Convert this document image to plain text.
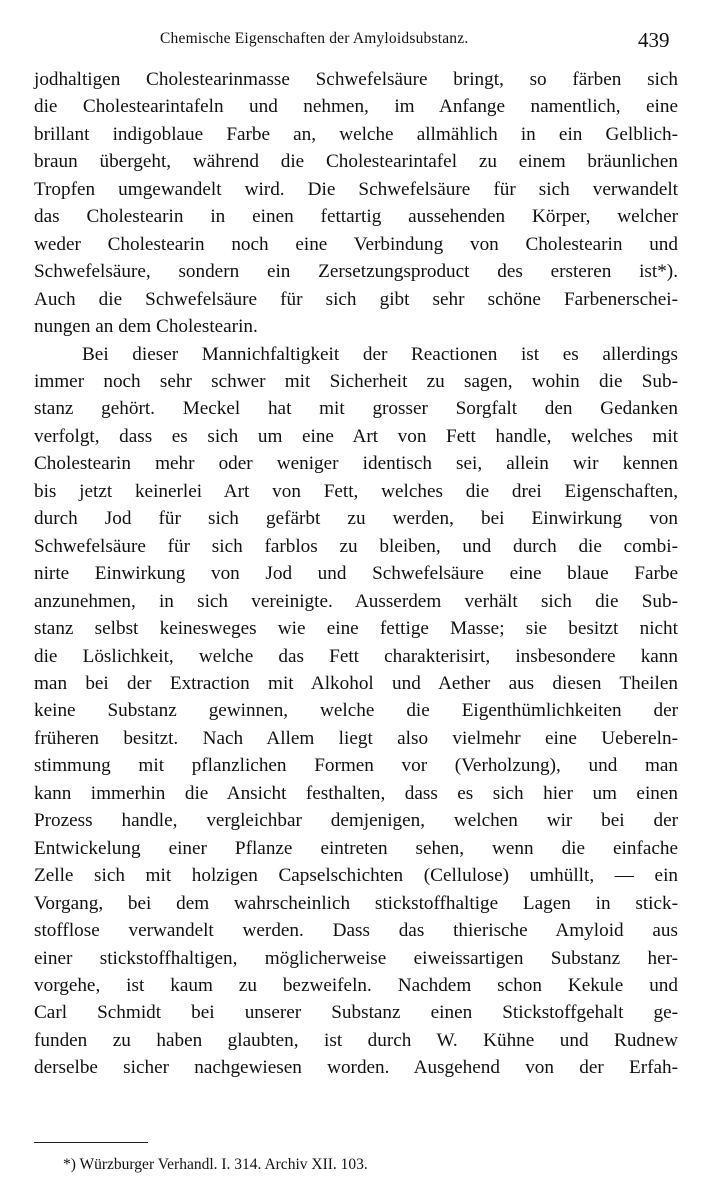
Chemische Eigenschaften der Amyloidsubstanz.	439
jodhaltigen Cholestearinmasse Schwefelsäure bringt, so färben sich
die Cholestearintafeln und nehmen, im Anfange namentlich, eine
brillant indigoblaue Farbe an, welche allmählich in ein Gelblich-
braun übergeht, während die Cholestearintafel zu einem bräunlichen
Tropfen umgewandelt wird. Die Schwefelsäure für sich verwandelt
das Cholestearin in einen fettartig aussehenden Körper, welcher
weder Cholestearin noch eine Verbindung von Cholestearin und
Schwefelsäure, sondern ein Zersetzungsproduct des ersteren ist*).
Auch die Schwefelsäure für sich gibt sehr schöne Farbenerschei-
nungen an dem Cholestearin.
Bei dieser Mannichfaltigkeit der Reactionen ist es allerdings
immer noch sehr schwer mit Sicherheit zu sagen, wohin die Sub-
stanz gehört. Meckel hat mit grosser Sorgfalt den Gedanken
verfolgt, dass es sich um eine Art von Fett handle, welches mit
Cholestearin mehr oder weniger identisch sei, allein wir kennen
bis jetzt keinerlei Art von Fett, welches die drei Eigenschaften,
durch Jod für sich gefärbt zu werden, bei Einwirkung von
Schwefelsäure für sich farblos zu bleiben, und durch die combi-
nirte Einwirkung von Jod und Schwefelsäure eine blaue Farbe
anzunehmen, in sich vereinigte. Ausserdem verhält sich die Sub-
stanz selbst keinesweges wie eine fettige Masse; sie besitzt nicht
die Löslichkeit, welche das Fett charakterisirt, insbesondere kann
man bei der Extraction mit Alkohol und Aether aus diesen Theilen
keine Substanz gewinnen, welche die Eigenthümlichkeiten der
früheren besitzt. Nach Allem liegt also vielmehr eine Uebereln-
stimmung mit pflanzlichen Formen vor (Verholzung), und man
kann immerhin die Ansicht festhalten, dass es sich hier um einen
Prozess handle, vergleichbar demjenigen, welchen wir bei der
Entwickelung einer Pflanze eintreten sehen, wenn die einfache
Zelle sich mit holzigen Capselschichten (Cellulose) umhüllt, — ein
Vorgang, bei dem wahrscheinlich stickstoffhaltige Lagen in stick-
stofflose verwandelt werden. Dass das thierische Amyloid aus
einer stickstoffhaltigen, möglicherweise eiweissartigen Substanz her-
vorgehe, ist kaum zu bezweifeln. Nachdem schon Kekule und
Carl Schmidt bei unserer Substanz einen Stickstoffgehalt ge-
funden zu haben glaubten, ist durch W. Kühne und Rudnew
derselbe sicher nachgewiesen worden. Ausgehend von der Erfah-
*) Würzburger Verhandl. I. 314. Archiv XII. 103.
